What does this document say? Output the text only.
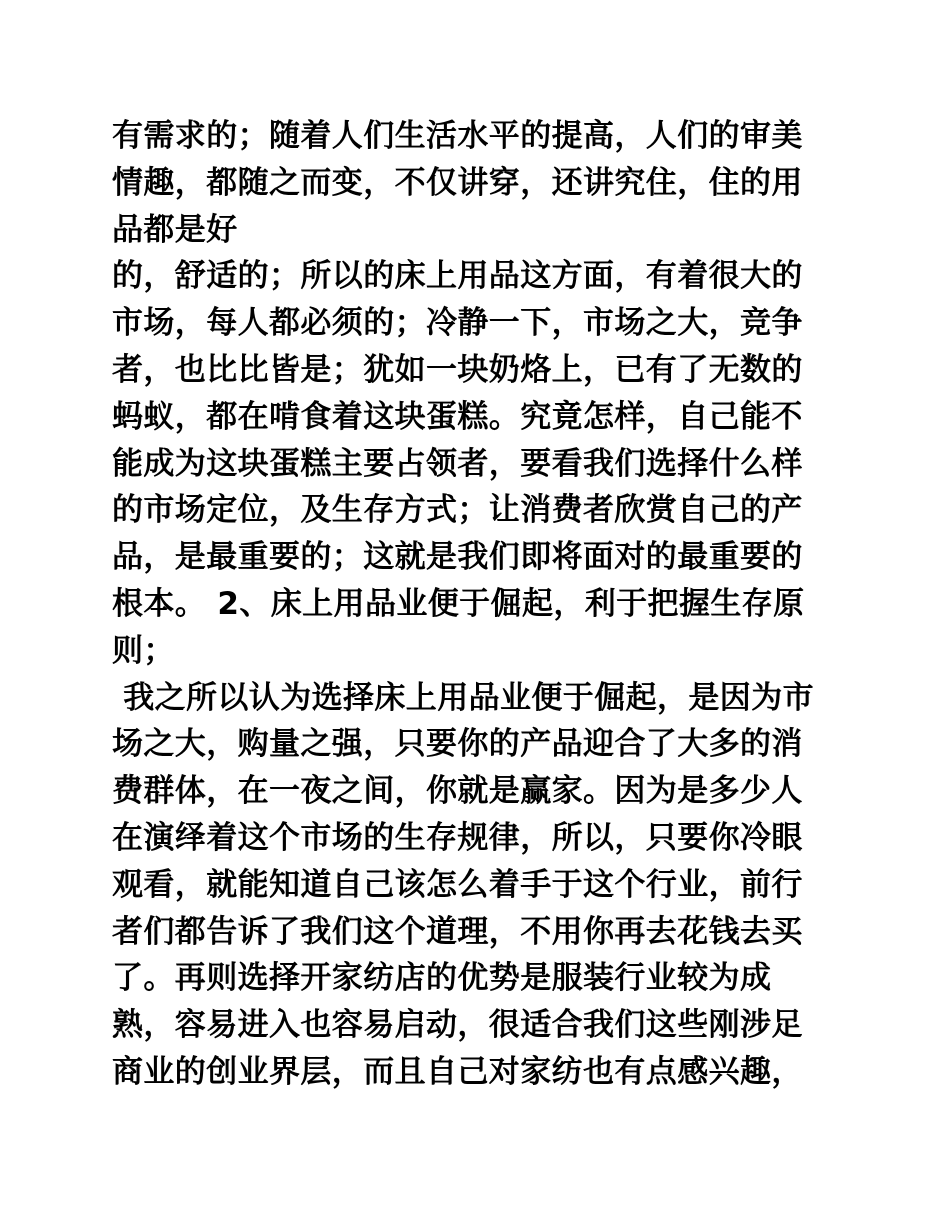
有需求的；随着人们生活水平的提高，人们的审美情趣，都随之而变，不仅讲穿，还讲究住，住的用品都是好

的，舒适的；所以的床上用品这方面，有着很大的市场，每人都必须的；冷静一下，市场之大，竞争者，也比比皆是；犹如一块奶烙上，已有了无数的蚂蚁，都在啃食着这块蛋糕。究竟怎样，自己能不能成为这块蛋糕主要占领者，要看我们选择什么样的市场定位，及生存方式；让消费者欣赏自己的产品，是最重要的；这就是我们即将面对的最重要的根本。 2、床上用品业便于倔起，利于把握生存原则；

我之所以认为选择床上用品业便于倔起，是因为市场之大，购量之强，只要你的产品迎合了大多的消费群体，在一夜之间，你就是赢家。因为是多少人在演绎着这个市场的生存规律，所以，只要你冷眼观看，就能知道自己该怎么着手于这个行业，前行者们都告诉了我们这个道理，不用你再去花钱去买了。再则选择开家纺店的优势是服装行业较为成熟，容易进入也容易启动，很适合我们这些刚涉足商业的创业界层，而且自己对家纺也有点感兴趣，
